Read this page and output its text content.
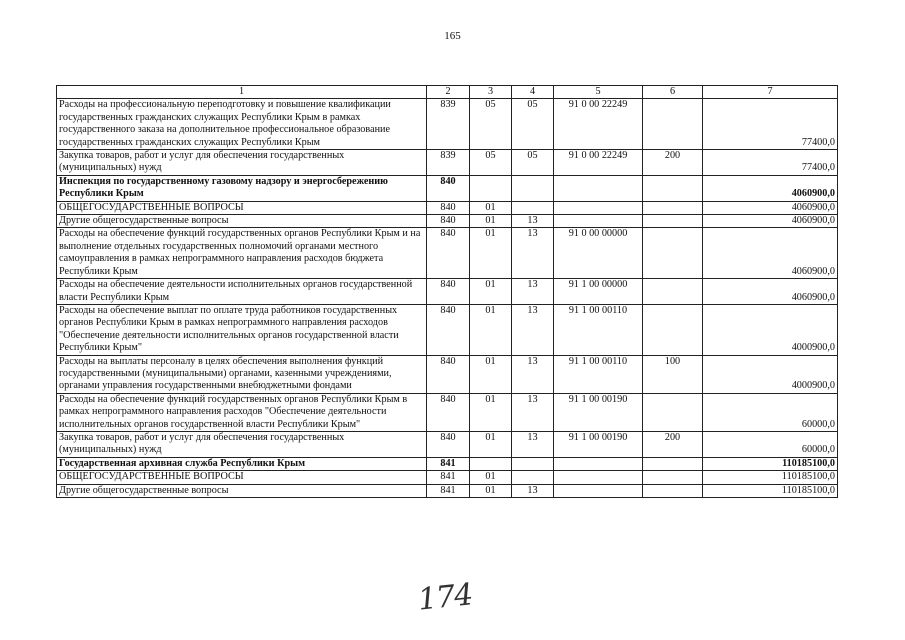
165
1	2	3	4	5	6	7
Расходы на профессиональную переподготовку и повышение квалификации государственных гражданских служащих Республики Крым в рамках государственного заказа на дополнительное профессиональное образование государственных гражданских служащих Республики Крым	839	05	05	91 0 00 22249		77400,0
Закупка товаров, работ и услуг для обеспечения государственных (муниципальных) нужд	839	05	05	91 0 00 22249	200	77400,0
Инспекция по государственному газовому надзору и энергосбережению Республики Крым	840					4060900,0
ОБЩЕГОСУДАРСТВЕННЫЕ ВОПРОСЫ	840	01				4060900,0
Другие общегосударственные вопросы	840	01	13			4060900,0
Расходы на обеспечение функций государственных органов Республики Крым и на выполнение отдельных государственных полномочий органами местного самоуправления в рамках непрограммного направления расходов бюджета Республики Крым	840	01	13	91 0 00 00000		4060900,0
Расходы на обеспечение деятельности исполнительных органов государственной власти Республики Крым	840	01	13	91 1 00 00000		4060900,0
Расходы на обеспечение выплат по оплате труда работников государственных органов Республики Крым в рамках непрограммного направления расходов "Обеспечение деятельности исполнительных органов государственной власти Республики Крым"	840	01	13	91 1 00 00110		4000900,0
Расходы на выплаты персоналу в целях обеспечения выполнения функций государственными (муниципальными) органами, казенными учреждениями, органами управления государственными внебюджетными фондами	840	01	13	91 1 00 00110	100	4000900,0
Расходы на обеспечение функций государственных органов Республики Крым в рамках непрограммного направления расходов "Обеспечение деятельности исполнительных органов государственной власти Республики Крым"	840	01	13	91 1 00 00190		60000,0
Закупка товаров, работ и услуг для обеспечения государственных (муниципальных) нужд	840	01	13	91 1 00 00190	200	60000,0
Государственная архивная служба Республики Крым	841					110185100,0
ОБЩЕГОСУДАРСТВЕННЫЕ ВОПРОСЫ	841	01				110185100,0
Другие общегосударственные вопросы	841	01	13			110185100,0
174
